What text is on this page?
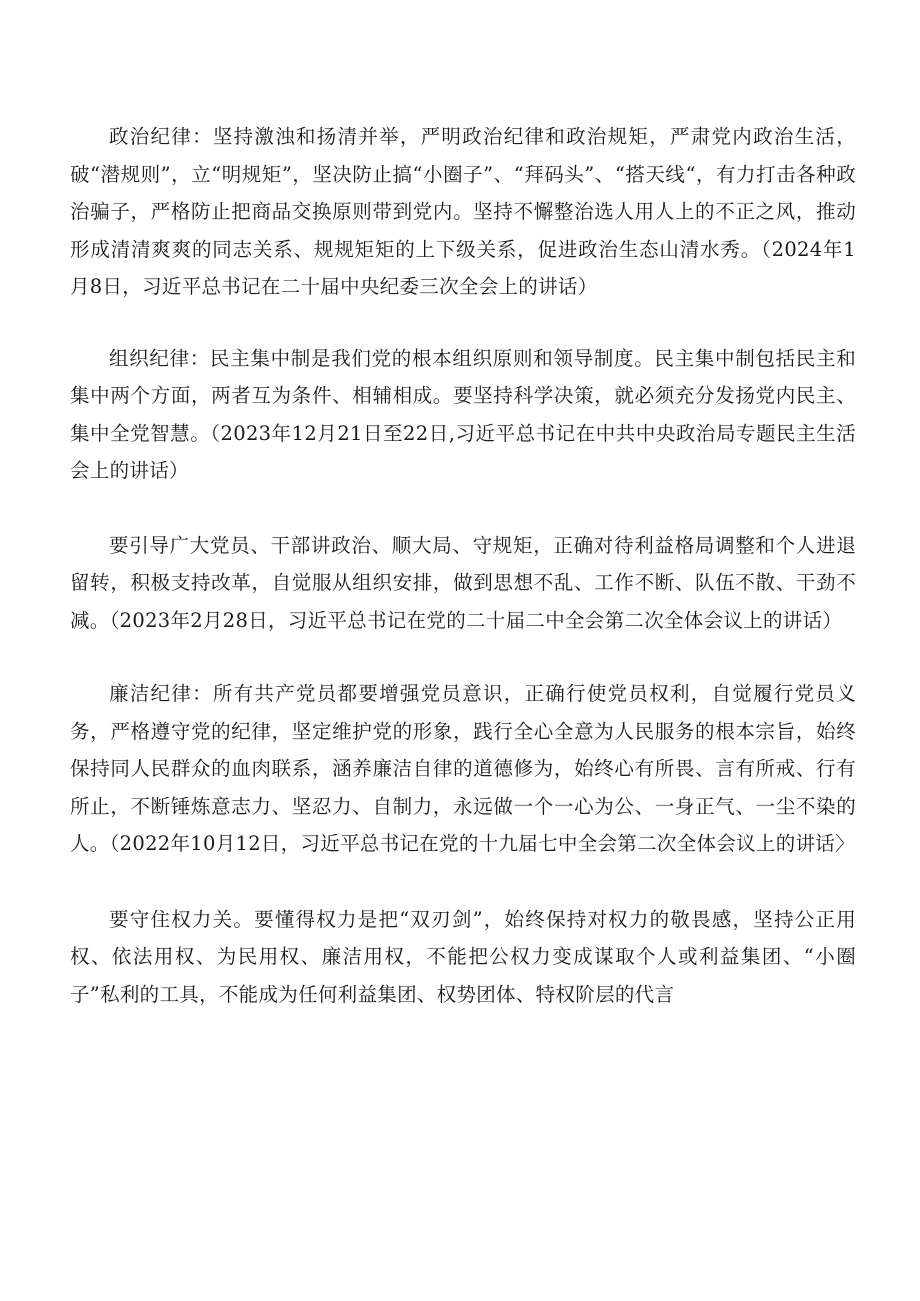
政治纪律：坚持激浊和扬清并举，严明政治纪律和政治规矩，严肃党内政治生活，破“潜规则”，立“明规矩”，坚决防止搞“小圈子”、“拜码头”、“搭天线“，有力打击各种政治骗子，严格防止把商品交换原则带到党内。坚持不懈整治选人用人上的不正之风，推动形成清清爽爽的同志关系、规规矩矩的上下级关系，促进政治生态山清水秀。（2024年1月8日，习近平总书记在二十届中央纪委三次全会上的讲话）

组织纪律：民主集中制是我们党的根本组织原则和领导制度。民主集中制包括民主和集中两个方面，两者互为条件、相辅相成。要坚持科学决策，就必须充分发扬党内民主、集中全党智慧。（2023年12月21日至22日,习近平总书记在中共中央政治局专题民主生活会上的讲话）

要引导广大党员、干部讲政治、顺大局、守规矩，正确对待利益格局调整和个人进退留转，积极支持改革，自觉服从组织安排，做到思想不乱、工作不断、队伍不散、干劲不减。（2023年2月28日，习近平总书记在党的二十届二中全会第二次全体会议上的讲话）

廉洁纪律：所有共产党员都要增强党员意识，正确行使党员权利，自觉履行党员义务，严格遵守党的纪律，坚定维护党的形象，践行全心全意为人民服务的根本宗旨，始终保持同人民群众的血肉联系，涵养廉洁自律的道德修为，始终心有所畏、言有所戒、行有所止，不断锤炼意志力、坚忍力、自制力，永远做一个一心为公、一身正气、一尘不染的人。（2022年10月12日，习近平总书记在党的十九届七中全会第二次全体会议上的讲话〉

要守住权力关。要懂得权力是把“双刃剑”，始终保持对权力的敬畏感，坚持公正用权、依法用权、为民用权、廉洁用权，不能把公权力变成谋取个人或利益集团、“小圈子”私利的工具，不能成为任何利益集团、权势团体、特权阶层的代言
